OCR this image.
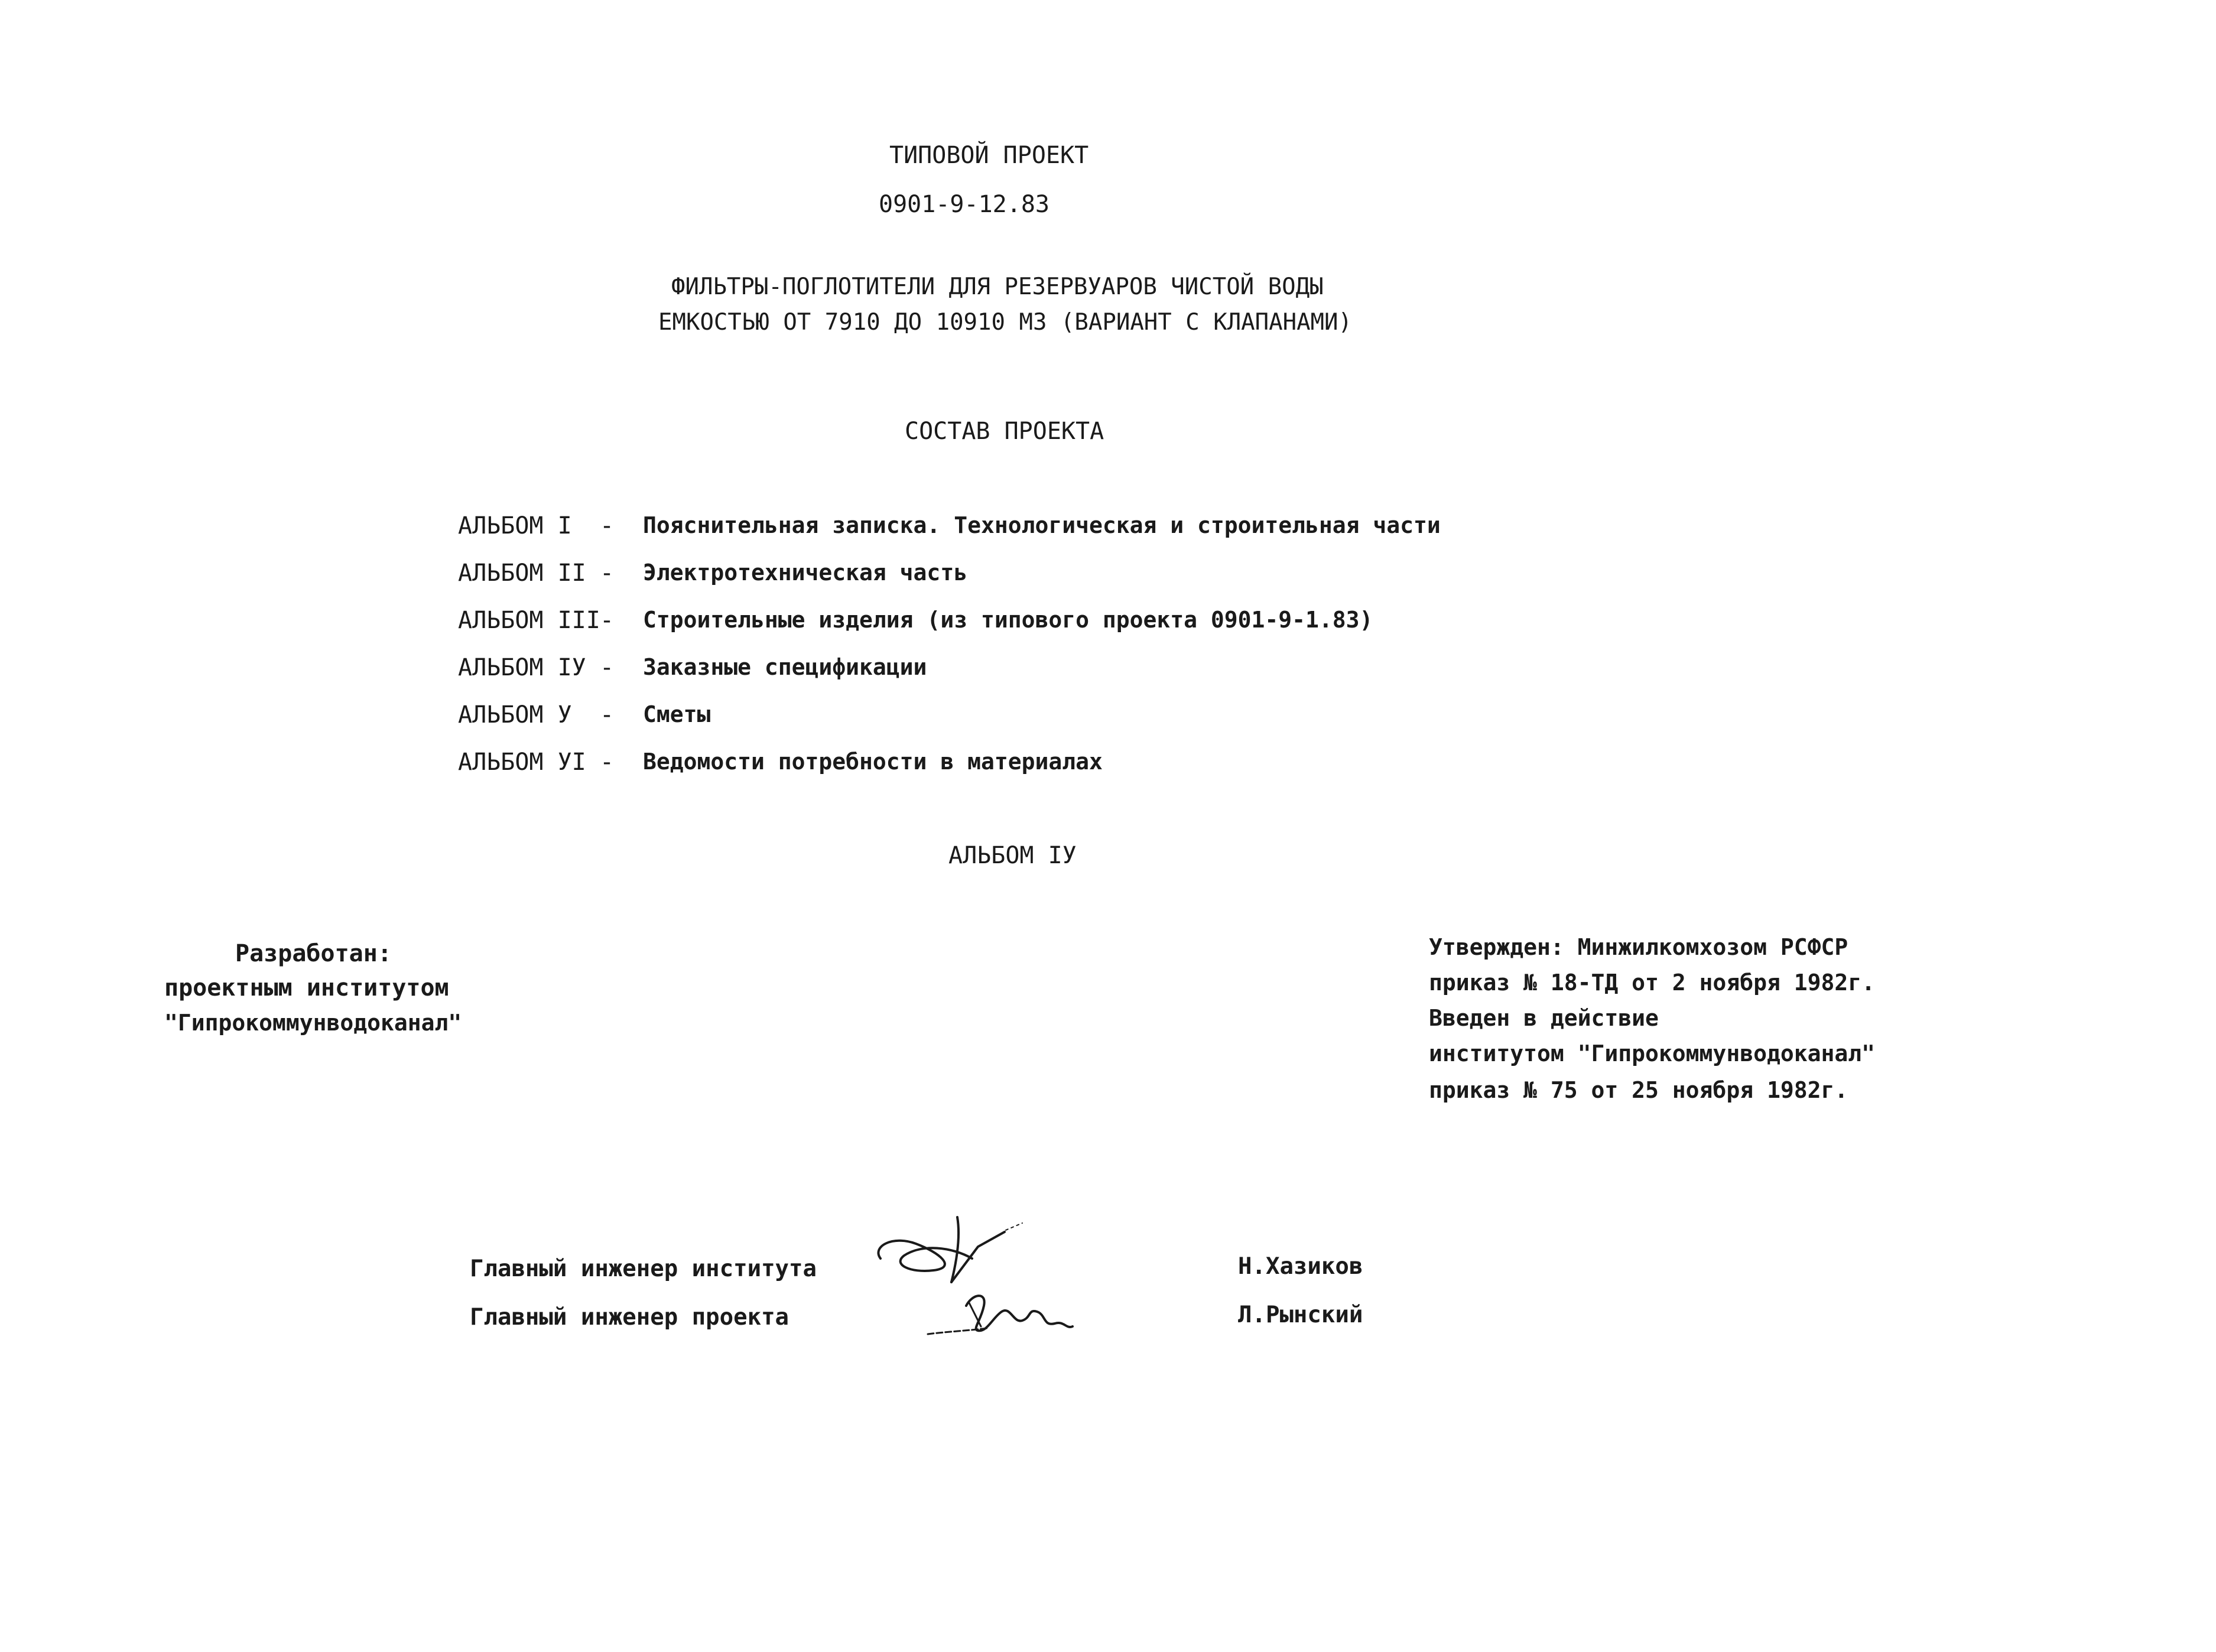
ТИПОВОЙ ПРОЕКТ
0901-9-12.83
ФИЛЬТРЫ-ПОГЛОТИТЕЛИ ДЛЯ РЕЗЕРВУАРОВ ЧИСТОЙ ВОДЫ
ЕМКОСТЬЮ ОТ 7910 ДО 10910 М3 (ВАРИАНТ С КЛАПАНАМИ)
СОСТАВ ПРОЕКТА
АЛЬБОМ I - Пояснительная записка. Технологическая и строительная части
АЛЬБОМ II - Электротехническая часть
АЛЬБОМ III - Строительные изделия (из типового проекта 0901-9-1.83)
АЛЬБОМ IУ - Заказные спецификации
АЛЬБОМ У - Сметы
АЛЬБОМ УI - Ведомости потребности в материалах
АЛЬБОМ IУ
Разработан:
проектным институтом
"Гипрокоммунводоканал"
Утвержден: Минжилкомхозом РСФСР
приказ № 18-ТД от 2 ноября 1982г.
Введен в действие
институтом "Гипрокоммунводоканал"
приказ № 75 от 25 ноября 1982г.
Главный инженер института	Н.Хазиков
Главный инженер проекта	Л.Рынский
